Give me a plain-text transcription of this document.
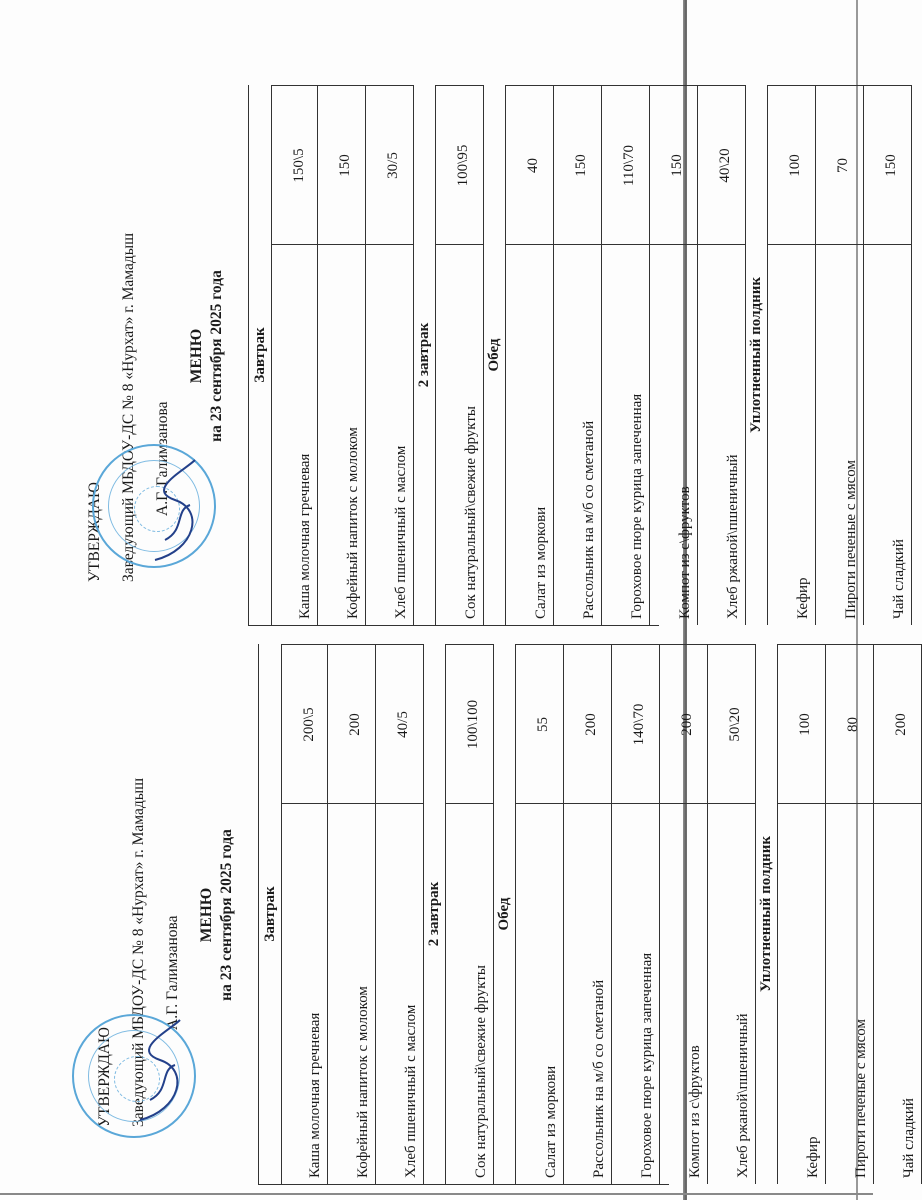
УТВЕРЖДАЮ Заведующий МБДОУ-ДС № 8 «Нурхат» г. Мамадыш А.Г. Галимзанова
МЕНЮ на 23 сентября 2025 года Завтрак
Каша молочная гречневая
200\5
Кофейный напиток с молоком
200
Хлеб пшеничный с маслом
40/5
2 завтрак
Сок натуральный\свежие фрукты
100\100
Обед
Салат из моркови
55
Рассольник на м/б со сметаной
200
Гороховое пюре курица запеченная
140\70
Компот из с\фруктов
200
Хлеб ржаной\пшеничный
50\20
Уплотненный полдник
Кефир
100
Пироги печеные с мясом
80
Чай сладкий
200
УТВЕРЖДАЮ Заведующий МБДОУ-ДС № 8 «Нурхат» г. Мамадыш А.Г. Галимзанова
МЕНЮ на 23 сентября 2025 года Завтрак
Каша молочная гречневая
150\5
Кофейный напиток с молоком
150
Хлеб пшеничный с маслом
30/5
2 завтрак
Сок натуральный\свежие фрукты
100\95
Обед
Салат из моркови
40
Рассольник на м/б со сметаной
150
Гороховое пюре курица запеченная
110\70
Компот из с\фруктов
150
Хлеб ржаной\пшеничный
40\20
Уплотненный полдник
Кефир
100
Пироги печеные с мясом
70
Чай сладкий
150
